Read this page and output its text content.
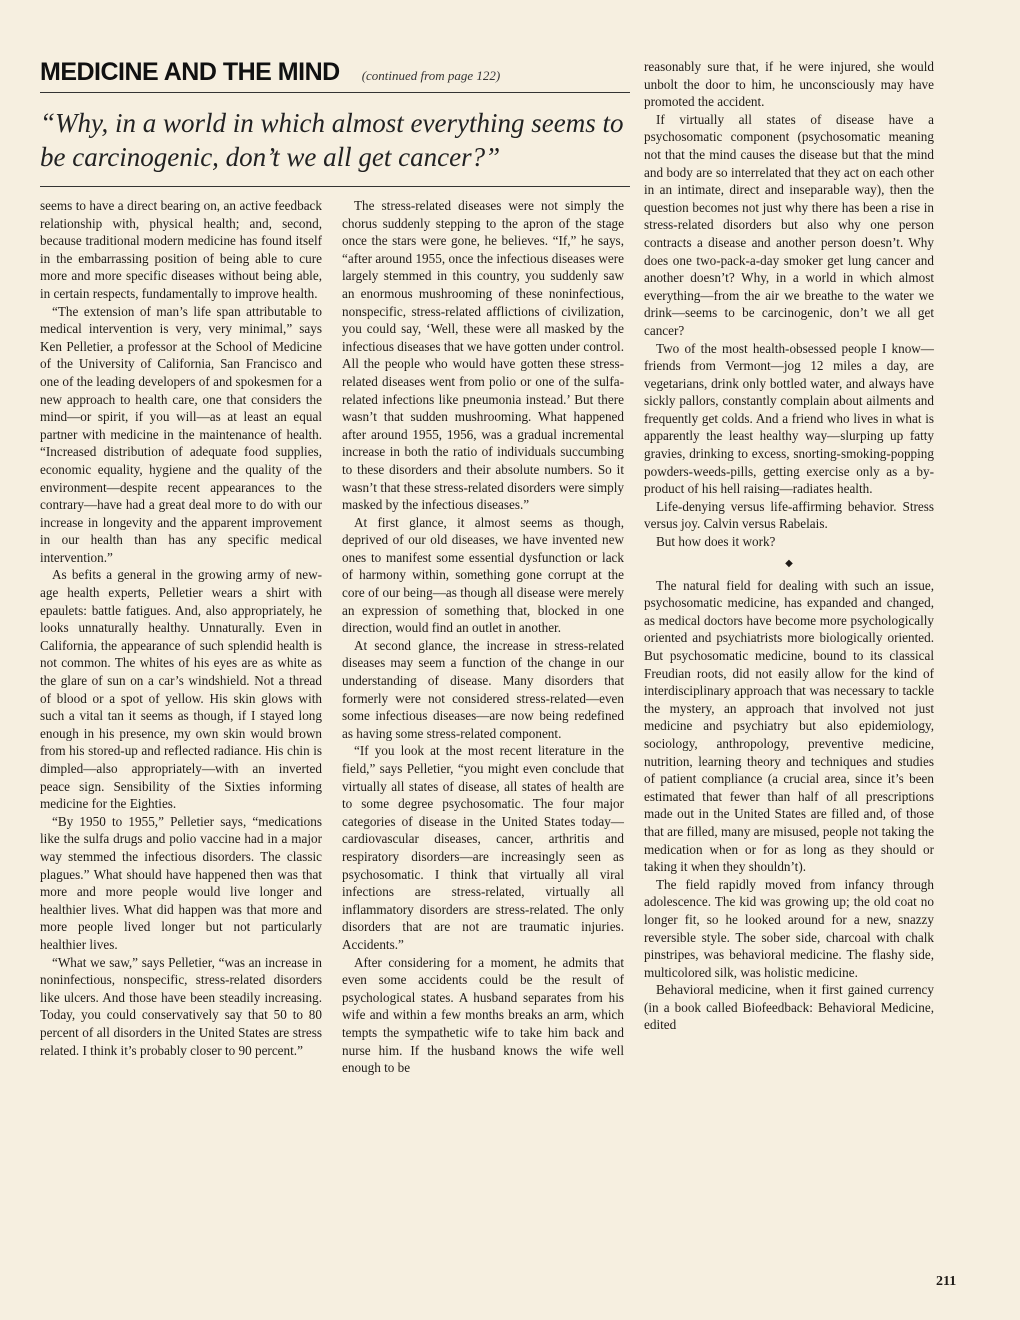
MEDICINE AND THE MIND (continued from page 122)
“Why, in a world in which almost everything seems to be carcinogenic, don’t we all get cancer?”

seems to have a direct bearing on, an active feedback relationship with, physical health; and, second, because traditional modern medicine has found itself in the embarrassing position of being able to cure more and more specific diseases without being able, in certain respects, fundamentally to improve health.

“The extension of man’s life span attributable to medical intervention is very, very minimal,” says Ken Pelletier, a professor at the School of Medicine of the University of California, San Francisco and one of the leading developers of and spokesmen for a new approach to health care, one that considers the mind—or spirit, if you will—as at least an equal partner with medicine in the maintenance of health. “Increased distribution of adequate food supplies, economic equality, hygiene and the quality of the environment—despite recent appearances to the contrary—have had a great deal more to do with our increase in longevity and the apparent improvement in our health than has any specific medical intervention.”

As befits a general in the growing army of new-age health experts, Pelletier wears a shirt with epaulets: battle fatigues. And, also appropriately, he looks unnaturally healthy. Unnaturally. Even in California, the appearance of such splendid health is not common. The whites of his eyes are as white as the glare of sun on a car’s windshield. Not a thread of blood or a spot of yellow. His skin glows with such a vital tan it seems as though, if I stayed long enough in his presence, my own skin would brown from his stored-up and reflected radiance. His chin is dimpled—also appropriately—with an inverted peace sign. Sensibility of the Sixties informing medicine for the Eighties.

“By 1950 to 1955,” Pelletier says, “medications like the sulfa drugs and polio vaccine had in a major way stemmed the infectious disorders. The classic plagues.” What should have happened then was that more and more people would live longer and healthier lives. What did happen was that more and more people lived longer but not particularly healthier lives.

“What we saw,” says Pelletier, “was an increase in noninfectious, nonspecific, stress-related disorders like ulcers. And those have been steadily increasing. Today, you could conservatively say that 50 to 80 percent of all disorders in the United States are stress related. I think it’s probably closer to 90 percent.”

The stress-related diseases were not simply the chorus suddenly stepping to the apron of the stage once the stars were gone, he believes. “If,” he says, “after around 1955, once the infectious diseases were largely stemmed in this country, you suddenly saw an enormous mushrooming of these noninfectious, nonspecific, stress-related afflictions of civilization, you could say, ‘Well, these were all masked by the infectious diseases that we have gotten under control. All the people who would have gotten these stress-related diseases went from polio or one of the sulfa-related infections like pneumonia instead.’ But there wasn’t that sudden mushrooming. What happened after around 1955, 1956, was a gradual incremental increase in both the ratio of individuals succumbing to these disorders and their absolute numbers. So it wasn’t that these stress-related disorders were simply masked by the infectious diseases.”

At first glance, it almost seems as though, deprived of our old diseases, we have invented new ones to manifest some essential dysfunction or lack of harmony within, something gone corrupt at the core of our being—as though all disease were merely an expression of something that, blocked in one direction, would find an outlet in another.

At second glance, the increase in stress-related diseases may seem a function of the change in our understanding of disease. Many disorders that formerly were not considered stress-related—even some infectious diseases—are now being redefined as having some stress-related component.

“If you look at the most recent literature in the field,” says Pelletier, “you might even conclude that virtually all states of disease, all states of health are to some degree psychosomatic. The four major categories of disease in the United States today—cardiovascular diseases, cancer, arthritis and respiratory disorders—are increasingly seen as psychosomatic. I think that virtually all viral infections are stress-related, virtually all inflammatory disorders are stress-related. The only disorders that are not are traumatic injuries. Accidents.”

After considering for a moment, he admits that even some accidents could be the result of psychological states. A husband separates from his wife and within a few months breaks an arm, which tempts the sympathetic wife to take him back and nurse him. If the husband knows the wife well enough to be

reasonably sure that, if he were injured, she would unbolt the door to him, he unconsciously may have promoted the accident.

If virtually all states of disease have a psychosomatic component (psychosomatic meaning not that the mind causes the disease but that the mind and body are so interrelated that they act on each other in an intimate, direct and inseparable way), then the question becomes not just why there has been a rise in stress-related disorders but also why one person contracts a disease and another person doesn’t. Why does one two-pack-a-day smoker get lung cancer and another doesn’t? Why, in a world in which almost everything—from the air we breathe to the water we drink—seems to be carcinogenic, don’t we all get cancer?

Two of the most health-obsessed people I know—friends from Vermont—jog 12 miles a day, are vegetarians, drink only bottled water, and always have sickly pallors, constantly complain about ailments and frequently get colds. And a friend who lives in what is apparently the least healthy way—slurping up fatty gravies, drinking to excess, snorting-smoking-popping powders-weeds-pills, getting exercise only as a by-product of his hell raising—radiates health.

Life-denying versus life-affirming behavior. Stress versus joy. Calvin versus Rabelais.

But how does it work?

◆

The natural field for dealing with such an issue, psychosomatic medicine, has expanded and changed, as medical doctors have become more psychologically oriented and psychiatrists more biologically oriented. But psychosomatic medicine, bound to its classical Freudian roots, did not easily allow for the kind of interdisciplinary approach that was necessary to tackle the mystery, an approach that involved not just medicine and psychiatry but also epidemiology, sociology, anthropology, preventive medicine, nutrition, learning theory and techniques and studies of patient compliance (a crucial area, since it’s been estimated that fewer than half of all prescriptions made out in the United States are filled and, of those that are filled, many are misused, people not taking the medication when or for as long as they should or taking it when they shouldn’t).

The field rapidly moved from infancy through adolescence. The kid was growing up; the old coat no longer fit, so he looked around for a new, snazzy reversible style. The sober side, charcoal with chalk pinstripes, was behavioral medicine. The flashy side, multicolored silk, was holistic medicine.

Behavioral medicine, when it first gained currency (in a book called Biofeedback: Behavioral Medicine, edited

211
